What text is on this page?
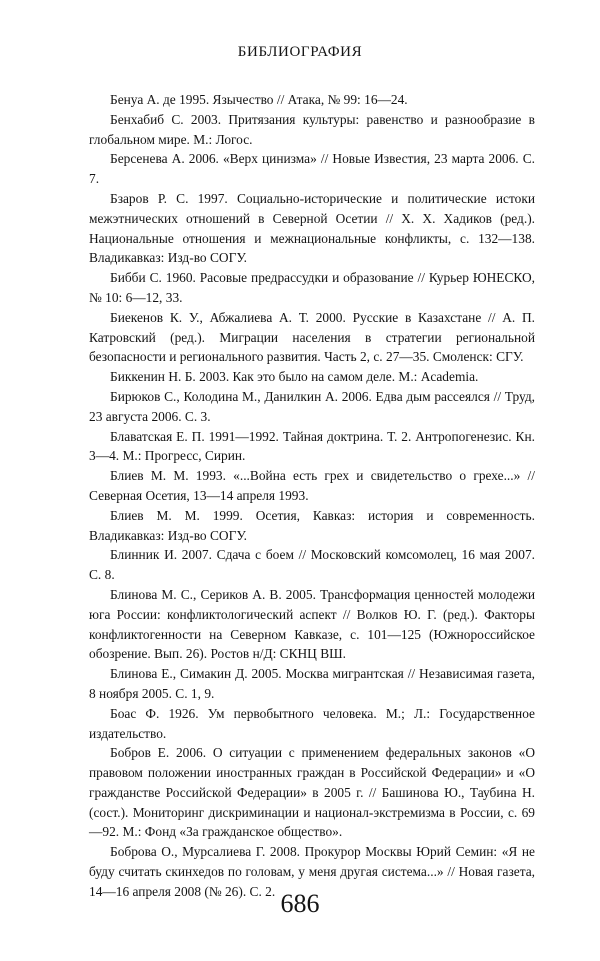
БИБЛИОГРАФИЯ

Бенуа А. де 1995. Язычество // Атака, № 99: 16—24.

Бенхабиб С. 2003. Притязания культуры: равенство и разнообразие в глобальном мире. М.: Логос.

Берсенева А. 2006. «Верх цинизма» // Новые Известия, 23 марта 2006. С. 7.

Бзаров Р. С. 1997. Социально-исторические и политические истоки межэтнических отношений в Северной Осетии // Х. Х. Хадиков (ред.). Национальные отношения и межнациональные конфликты, с. 132—138. Владикавказ: Изд-во СОГУ.

Бибби С. 1960. Расовые предрассудки и образование // Курьер ЮНЕСКО, № 10: 6—12, 33.

Биекенов К. У., Абжалиева А. Т. 2000. Русские в Казахстане // А. П. Катровский (ред.). Миграции населения в стратегии региональной безопасности и регионального развития. Часть 2, с. 27—35. Смоленск: СГУ.

Биккенин Н. Б. 2003. Как это было на самом деле. М.: Academia.

Бирюков С., Колодина М., Данилкин А. 2006. Едва дым рассеялся // Труд, 23 августа 2006. С. 3.

Блаватская Е. П. 1991—1992. Тайная доктрина. Т. 2. Антропогенезис. Кн. 3—4. М.: Прогресс, Сирин.

Блиев М. М. 1993. «...Война есть грех и свидетельство о грехе...» // Северная Осетия, 13—14 апреля 1993.

Блиев М. М. 1999. Осетия, Кавказ: история и современность. Владикавказ: Изд-во СОГУ.

Блинник И. 2007. Сдача с боем // Московский комсомолец, 16 мая 2007. С. 8.

Блинова М. С., Сериков А. В. 2005. Трансформация ценностей молодежи юга России: конфликтологический аспект // Волков Ю. Г. (ред.). Факторы конфликтогенности на Северном Кавказе, с. 101—125 (Южнороссийское обозрение. Вып. 26). Ростов н/Д: СКНЦ ВШ.

Блинова Е., Симакин Д. 2005. Москва мигрантская // Независимая газета, 8 ноября 2005. С. 1, 9.

Боас Ф. 1926. Ум первобытного человека. М.; Л.: Государственное издательство.

Бобров Е. 2006. О ситуации с применением федеральных законов «О правовом положении иностранных граждан в Российской Федерации» и «О гражданстве Российской Федерации» в 2005 г. // Башинова Ю., Таубина Н. (сост.). Мониторинг дискриминации и национал-экстремизма в России, с. 69—92. М.: Фонд «За гражданское общество».

Боброва О., Мурсалиева Г. 2008. Прокурор Москвы Юрий Семин: «Я не буду считать скинхедов по головам, у меня другая система...» // Новая газета, 14—16 апреля 2008 (№ 26). С. 2. 686
